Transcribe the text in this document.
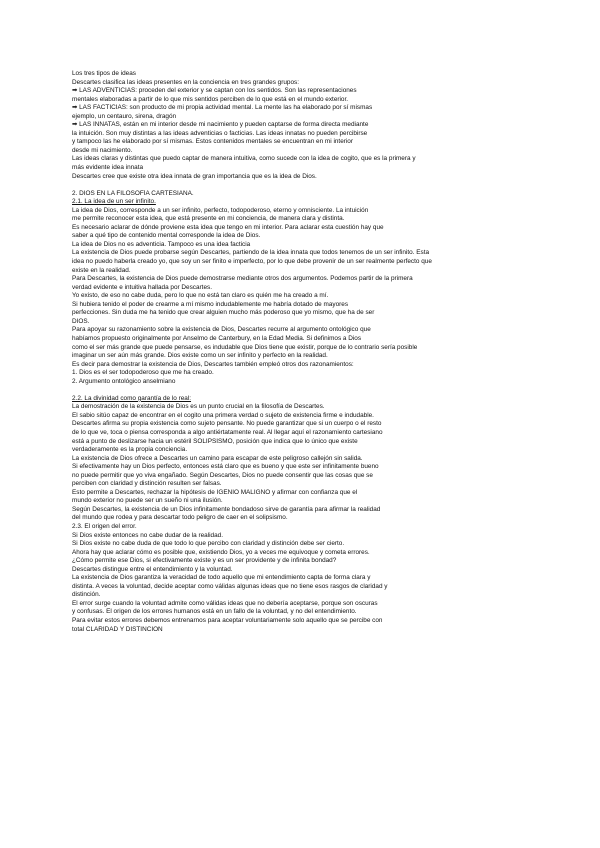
Los tres tipos de ideas
Descartes clasifica las ideas presentes en la conciencia en tres grandes grupos:
➡ LAS ADVENTICIAS: proceden del exterior y se captan con los sentidos. Son las representaciones
mentales elaboradas a partir de lo que mis sentidos perciben de lo que está en el mundo exterior.
➡ LAS FACTICIAS: son producto de mi propia actividad mental. La mente las ha elaborado por sí mismas
ejemplo, un centauro, sirena, dragón
➡ LAS INNATAS, están en mi interior desde mi nacimiento y pueden captarse de forma directa mediante
la intuición. Son muy distintas a las ideas adventicias o facticias. Las ideas innatas no pueden percibirse
y tampoco las he elaborado por sí mismas. Estos contenidos mentales se encuentran en mi interior
desde mi nacimiento.
Las ideas claras y distintas que puedo captar de manera intuitiva, como sucede con la idea de cogito, que es la primera y
más evidente idea innata
Descartes cree que existe otra idea innata de gran importancia que es la idea de Dios.
2. DIOS EN LA FILOSOFÍA CARTESIANA.
2.1. La idea de un ser infinito.
La idea de Dios, corresponde a un ser infinito, perfecto, todopoderoso, eterno y omnisciente. La intuición
me permite reconocer esta idea, que está presente en mi conciencia, de manera clara y distinta.
Es necesario aclarar de dónde proviene esta idea que tengo en mi interior. Para aclarar esta cuestión hay que
saber a qué tipo de contenido mental corresponde la idea de Dios.
La idea de Dios no es adventicia. Tampoco es una idea facticia
La existencia de Dios puede probarse según Descartes, partiendo de la idea innata que todos tenemos de un ser infinito. Esta
idea no puedo haberla creado yo, que soy un ser finito e imperfecto, por lo que debe provenir de un ser realmente perfecto que
existe en la realidad.
Para Descartes, la existencia de Dios puede demostrarse mediante otros dos argumentos. Podemos partir de la primera
verdad evidente e intuitiva hallada por Descartes.
Yo existo, de eso no cabe duda, pero lo que no está tan claro es quién me ha creado a mí.
Si hubiera tenido el poder de crearme a mí mismo indudablemente me habría dotado de mayores
perfecciones. Sin duda me ha tenido que crear alguien mucho más poderoso que yo mismo, que ha de ser
DIOS.
Para apoyar su razonamiento sobre la existencia de Dios, Descartes recurre al argumento ontológico que
habíamos propuesto originalmente por Anselmo de Canterbury, en la Edad Media. Si definimos a Dios
como el ser más grande que puede pensarse, es indudable que Dios tiene que existir, porque de lo contrario sería posible
imaginar un ser aún más grande. Dios existe como un ser infinito y perfecto en la realidad.
Es decir para demostrar la existencia de Dios, Descartes también empleó otros dos razonamientos:
1. Dios es el ser todopoderoso que me ha creado.
2. Argumento ontológico anselmiano
2.2. La divinidad como garantía de lo real:
La demostración de la existencia de Dios es un punto crucial en la filosofía de Descartes.
El sabio sitúo capaz de encontrar en el cogito una primera verdad o sujeto de existencia firme e indudable.
Descartes afirma su propia existencia como sujeto pensante. No puede garantizar que si un cuerpo o el resto
de lo que ve, toca o piensa corresponda a algo antiértatamente real. Al llegar aquí el razonamiento cartesiano
está a punto de deslizarse hacia un estéril SOLIPSISMO, posición que indica que lo único que existe
verdaderamente es la propia conciencia.
La existencia de Dios ofrece a Descartes un camino para escapar de este peligroso callejón sin salida.
Si efectivamente hay un Dios perfecto, entonces está claro que es bueno y que este ser infinitamente bueno
no puede permitir que yo viva engañado. Según Descartes, Dios no puede consentir que las cosas que se
perciben con claridad y distinción resulten ser falsas.
Esto permite a Descartes, rechazar la hipótesis de IGENIO MALIGNO y afirmar con confianza que el
mundo exterior no puede ser un sueño ni una ilusión.
Según Descartes, la existencia de un Dios infinitamente bondadoso sirve de garantía para afirmar la realidad
del mundo que rodea y para descartar todo peligro de caer en el solipsismo.
2.3. El origen del error.
Si Dios existe entonces no cabe dudar de la realidad.
Si Dios existe no cabe duda de que todo lo que percibo con claridad y distinción debe ser cierto.
Ahora hay que aclarar cómo es posible que, existiendo Dios, yo a veces me equivoque y cometa errores.
¿Cómo permite ese Dios, si efectivamente existe y es un ser providente y de infinita bondad?
Descartes distingue entre el entendimiento y la voluntad.
La existencia de Dios garantiza la veracidad de todo aquello que mi entendimiento capta de forma clara y
distinta. A veces la voluntad, decide aceptar como válidas algunas ideas que no tiene esos rasgos de claridad y
distinción.
El error surge cuando la voluntad admite como válidas ideas que no debería aceptarse, porque son oscuras
y confusas. El origen de los errores humanos está en un fallo de la voluntad, y no del entendimiento.
Para evitar estos errores debemos entrenarnos para aceptar voluntariamente solo aquello que se percibe con
total CLARIDAD Y DISTINCIÓN
